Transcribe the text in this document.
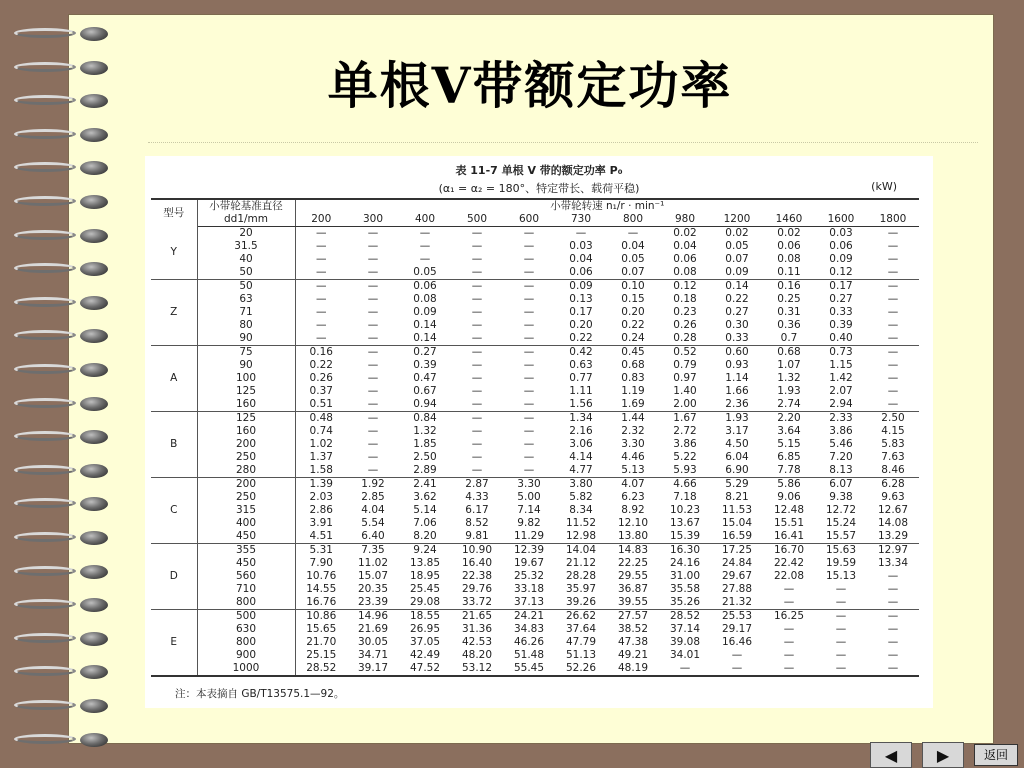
单根V带额定功率
表 11-7 单根 V 带的额定功率 P₀
(α₁ = α₂ = 180°、特定带长、载荷平稳)	(kW)
型号	小带轮基准直径	小带轮转速 n₁/r · min⁻¹											
	dd1/mm	200	300	400	500	600	730	800	980	1200	1460	1600	1800
Y	20	—	—	—	—	—	—	—	0.02	0.02	0.02	0.03	—
	31.5	—	—	—	—	—	0.03	0.04	0.04	0.05	0.06	0.06	—
	40	—	—	—	—	—	0.04	0.05	0.06	0.07	0.08	0.09	—
	50	—	—	0.05	—	—	0.06	0.07	0.08	0.09	0.11	0.12	—
Z	50	—	—	0.06	—	—	0.09	0.10	0.12	0.14	0.16	0.17	—
	63	—	—	0.08	—	—	0.13	0.15	0.18	0.22	0.25	0.27	—
	71	—	—	0.09	—	—	0.17	0.20	0.23	0.27	0.31	0.33	—
	80	—	—	0.14	—	—	0.20	0.22	0.26	0.30	0.36	0.39	—
	90	—	—	0.14	—	—	0.22	0.24	0.28	0.33	0.7	0.40	—
A	75	0.16	—	0.27	—	—	0.42	0.45	0.52	0.60	0.68	0.73	—
	90	0.22	—	0.39	—	—	0.63	0.68	0.79	0.93	1.07	1.15	—
	100	0.26	—	0.47	—	—	0.77	0.83	0.97	1.14	1.32	1.42	—
	125	0.37	—	0.67	—	—	1.11	1.19	1.40	1.66	1.93	2.07	—
	160	0.51	—	0.94	—	—	1.56	1.69	2.00	2.36	2.74	2.94	—
B	125	0.48	—	0.84	—	—	1.34	1.44	1.67	1.93	2.20	2.33	2.50
	160	0.74	—	1.32	—	—	2.16	2.32	2.72	3.17	3.64	3.86	4.15
	200	1.02	—	1.85	—	—	3.06	3.30	3.86	4.50	5.15	5.46	5.83
	250	1.37	—	2.50	—	—	4.14	4.46	5.22	6.04	6.85	7.20	7.63
	280	1.58	—	2.89	—	—	4.77	5.13	5.93	6.90	7.78	8.13	8.46
C	200	1.39	1.92	2.41	2.87	3.30	3.80	4.07	4.66	5.29	5.86	6.07	6.28
	250	2.03	2.85	3.62	4.33	5.00	5.82	6.23	7.18	8.21	9.06	9.38	9.63
	315	2.86	4.04	5.14	6.17	7.14	8.34	8.92	10.23	11.53	12.48	12.72	12.67
	400	3.91	5.54	7.06	8.52	9.82	11.52	12.10	13.67	15.04	15.51	15.24	14.08
	450	4.51	6.40	8.20	9.81	11.29	12.98	13.80	15.39	16.59	16.41	15.57	13.29
D	355	5.31	7.35	9.24	10.90	12.39	14.04	14.83	16.30	17.25	16.70	15.63	12.97
	450	7.90	11.02	13.85	16.40	19.67	21.12	22.25	24.16	24.84	22.42	19.59	13.34
	560	10.76	15.07	18.95	22.38	25.32	28.28	29.55	31.00	29.67	22.08	15.13	—
	710	14.55	20.35	25.45	29.76	33.18	35.97	36.87	35.58	27.88	—	—	—
	800	16.76	23.39	29.08	33.72	37.13	39.26	39.55	35.26	21.32	—	—	—
E	500	10.86	14.96	18.55	21.65	24.21	26.62	27.57	28.52	25.53	16.25	—	—
	630	15.65	21.69	26.95	31.36	34.83	37.64	38.52	37.14	29.17	—	—	—
	800	21.70	30.05	37.05	42.53	46.26	47.79	47.38	39.08	16.46	—	—	—
	900	25.15	34.71	42.49	48.20	51.48	51.13	49.21	34.01	—	—	—	—
	1000	28.52	39.17	47.52	53.12	55.45	52.26	48.19	—	—	—	—	—
注：本表摘自 GB/T13575.1—92。
◀ ▶	返回
